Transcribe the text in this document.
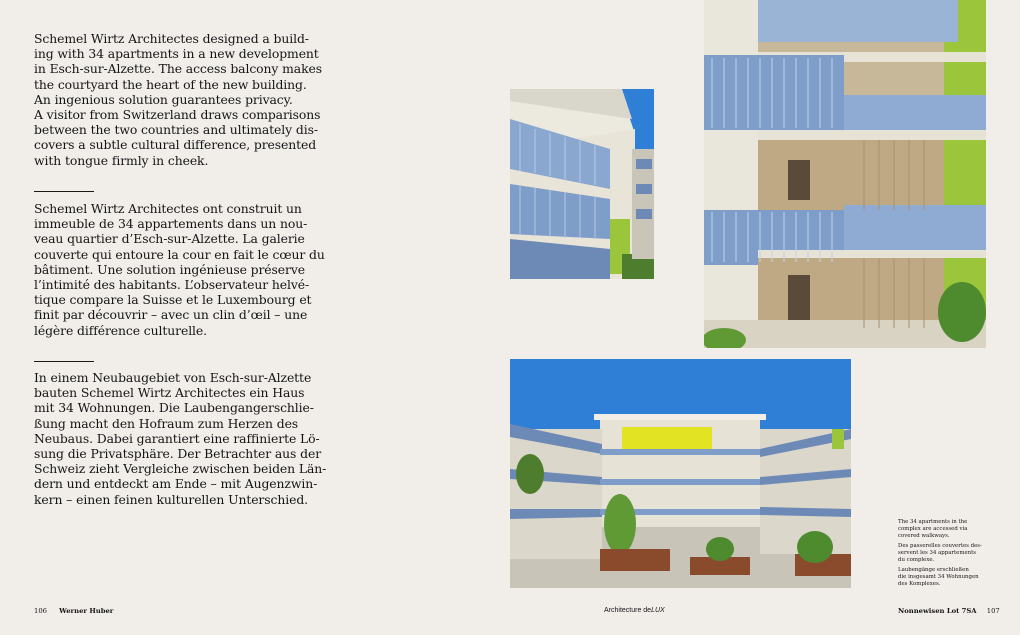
Schemel Wirtz Architectes designed a build-
ing with 34 apartments in a new development
in Esch-sur-Alzette. The access balcony makes
the courtyard the heart of the new building.
An ingenious solution guarantees privacy.
A visitor from Switzerland draws comparisons
between the two countries and ultimately dis-
covers a subtle cultural difference, presented
with tongue firmly in cheek.

Schemel Wirtz Architectes ont construit un
immeuble de 34 appartements dans un nou-
veau quartier d’Esch-sur-Alzette. La galerie
couverte qui entoure la cour en fait le cœur du
bâtiment. Une solution ingénieuse préserve
l’intimité des habitants. L’observateur helvé-
tique compare la Suisse et le Luxembourg et
finit par découvrir – avec un clin d’œil – une
légère différence culturelle.

In einem Neubaugebiet von Esch-sur-Alzette
bauten Schemel Wirtz Architectes ein Haus
mit 34 Wohnungen. Die Laubengangerschlie-
ßung macht den Hofraum zum Herzen des
Neubaus. Dabei garantiert eine raffinierte Lö-
sung die Privatsphäre. Der Betrachter aus der
Schweiz zieht Vergleiche zwischen beiden Län-
dern und entdeckt am Ende – mit Augenzwin-
kern – einen feinen kulturellen Unterschied.

The 34 apartments in the
complex are accessed via
covered walkways.

Des passerelles couvertes des-
servent les 34 appartements
du complexe.

Laubengänge erschließen
die insgesamt 34 Wohnungen
des Komplexes.

106 Werner Huber	Architecture deLUX	Nonnewisen Lot 7SA 107
